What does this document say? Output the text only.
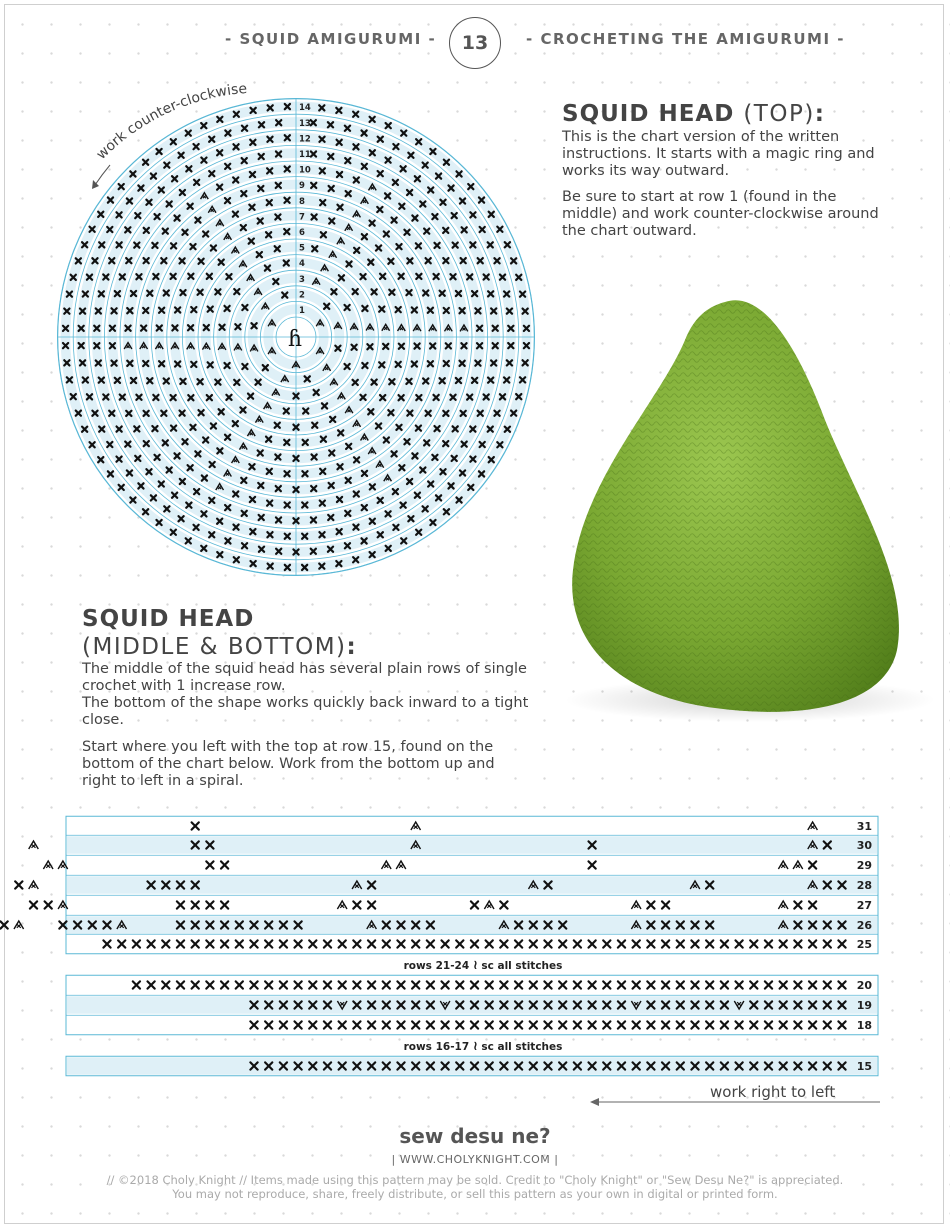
- SQUID AMIGURUMI -	13	- CROCHETING THE AMIGURUMI -
ɦ
1
2
3
4
5
6
7
8
9
10
11
12
13
14
work counter-clockwise
31
30
29
28
27
26
25
20
19
18
15
rows 21-24 ≀ sc all stitches
rows 16-17 ≀ sc all stitches
work right to left
SQUID HEAD (TOP):

This is the chart version of the written instructions. It starts with a magic ring and works its way outward.

Be sure to start at row 1 (found in the middle) and work counter-clockwise around the chart outward.

SQUID HEAD
(MIDDLE & BOTTOM):

The middle of the squid head has several plain rows of single crochet with 1 increase row.

The bottom of the shape works quickly back inward to a tight close.

Start where you left with the top at row 15, found on the bottom of the chart below. Work from the bottom up and right to left in a spiral.

sew desu ne?
| WWW.CHOLYKNIGHT.COM |
// ©2018 Choly Knight // Items made using this pattern may be sold. Credit to "Choly Knight" or "Sew Desu Ne?" is appreciated.
You may not reproduce, share, freely distribute, or sell this pattern as your own in digital or printed form.
